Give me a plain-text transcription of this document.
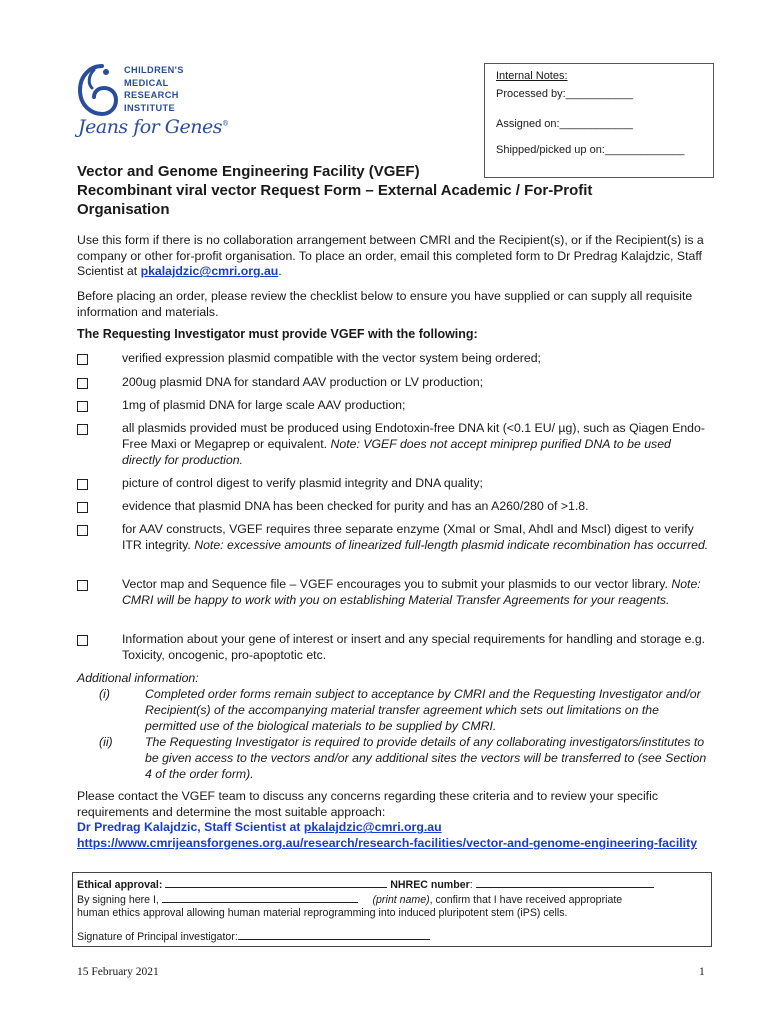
CHILDREN'S
MEDICAL
RESEARCH
INSTITUTE
Jeans for Genes®
Internal Notes:
Processed by:___________
Assigned on:____________
Shipped/picked up on:_____________
Vector and Genome Engineering Facility (VGEF)
Recombinant viral vector Request Form – External Academic / For-Profit
Organisation
Use this form if there is no collaboration arrangement between CMRI and the Recipient(s), or if the Recipient(s) is a company or other for-profit organisation. To place an order, email this completed form to Dr Predrag Kalajdzic, Staff Scientist at pkalajdzic@cmri.org.au.
Before placing an order, please review the checklist below to ensure you have supplied or can supply all requisite information and materials.
The Requesting Investigator must provide VGEF with the following:
verified expression plasmid compatible with the vector system being ordered;
200ug plasmid DNA for standard AAV production or LV production;
1mg of plasmid DNA for large scale AAV production;
all plasmids provided must be produced using Endotoxin-free DNA kit (<0.1 EU/ µg), such as Qiagen Endo-Free Maxi or Megaprep or equivalent. Note: VGEF does not accept miniprep purified DNA to be used directly for production.
picture of control digest to verify plasmid integrity and DNA quality;
evidence that plasmid DNA has been checked for purity and has an A260/280 of >1.8.
for AAV constructs, VGEF requires three separate enzyme (XmaI or SmaI, AhdI and MscI) digest to verify ITR integrity. Note: excessive amounts of linearized full-length plasmid indicate recombination has occurred.
Vector map and Sequence file – VGEF encourages you to submit your plasmids to our vector library. Note: CMRI will be happy to work with you on establishing Material Transfer Agreements for your reagents.
Information about your gene of interest or insert and any special requirements for handling and storage e.g. Toxicity, oncogenic, pro-apoptotic etc.
Additional information:
(i)	Completed order forms remain subject to acceptance by CMRI and the Requesting Investigator and/or Recipient(s) of the accompanying material transfer agreement which sets out limitations on the permitted use of the biological materials to be supplied by CMRI.
(ii)	The Requesting Investigator is required to provide details of any collaborating investigators/institutes to be given access to the vectors and/or any additional sites the vectors will be transferred to (see Section 4 of the order form).
Please contact the VGEF team to discuss any concerns regarding these criteria and to review your specific requirements and determine the most suitable approach:
Dr Predrag Kalajdzic, Staff Scientist at pkalajdzic@cmri.org.au
https://www.cmrijeansforgenes.org.au/research/research-facilities/vector-and-genome-engineering-facility
Ethical approval:	NHREC number:
By signing here I,	(print name), confirm that I have received appropriate
human ethics approval allowing human material reprogramming into induced pluripotent stem (iPS) cells.
Signature of Principal investigator:
15 February 2021	1
